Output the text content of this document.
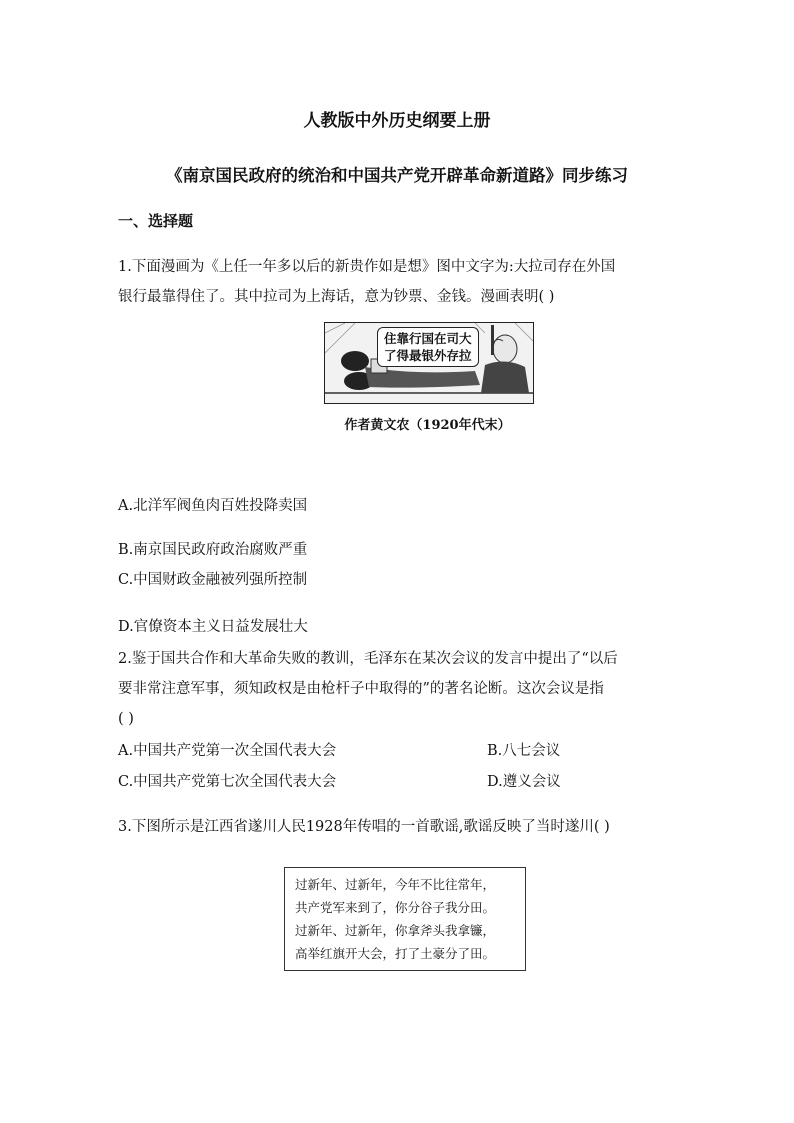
人教版中外历史纲要上册
《南京国民政府的统治和中国共产党开辟革命新道路》同步练习
一、选择题
1.下面漫画为《上任一年多以后的新贵作如是想》图中文字为:大拉司存在外国
银行最靠得住了。其中拉司为上海话，意为钞票、金钱。漫画表明( )
住靠行国在司大
了得最银外存拉
作者黄文农（1920年代末）
A.北洋军阀鱼肉百姓投降卖国
B.南京国民政府政治腐败严重
C.中国财政金融被列强所控制
D.官僚资本主义日益发展壮大
2.鉴于国共合作和大革命失败的教训，毛泽东在某次会议的发言中提出了“以后
要非常注意军事，须知政权是由枪杆子中取得的”的著名论断。这次会议是指
( )
A.中国共产党第一次全国代表大会	B.八七会议
C.中国共产党第七次全国代表大会	D.遵义会议
3.下图所示是江西省遂川人民1928年传唱的一首歌谣,歌谣反映了当时遂川( )
过新年、过新年，今年不比往常年，
共产党军来到了，你分谷子我分田。
过新年、过新年，你拿斧头我拿镰，
高举红旗开大会，打了土豪分了田。
